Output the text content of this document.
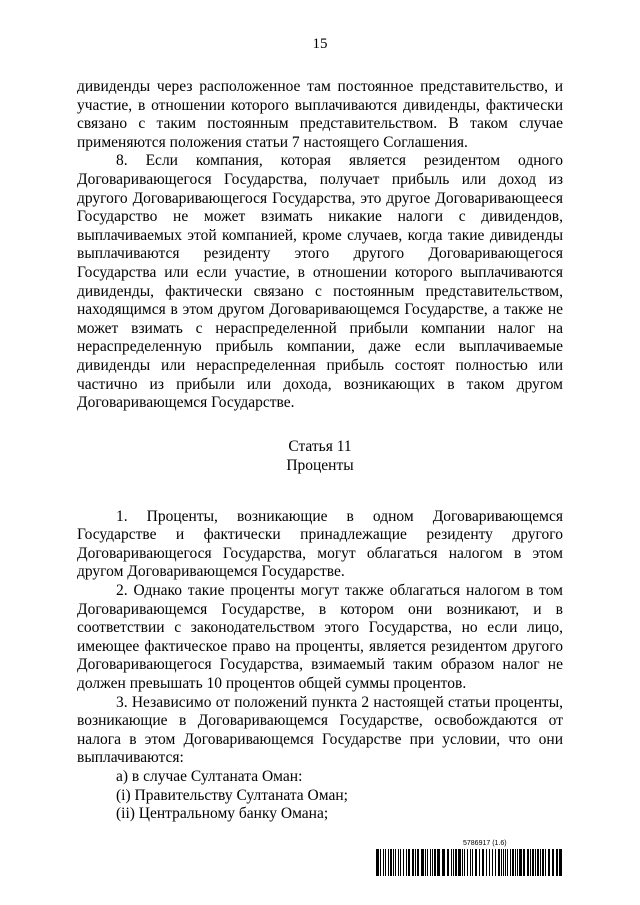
15

дивиденды через расположенное там постоянное представительство, и участие, в отношении которого выплачиваются дивиденды, фактически связано с таким постоянным представительством. В таком случае применяются положения статьи 7 настоящего Соглашения.

8. Если компания, которая является резидентом одного Договаривающегося Государства, получает прибыль или доход из другого Договаривающегося Государства, это другое Договаривающееся Государство не может взимать никакие налоги с дивидендов, выплачиваемых этой компанией, кроме случаев, когда такие дивиденды выплачиваются резиденту этого другого Договаривающегося Государства или если участие, в отношении которого выплачиваются дивиденды, фактически связано с постоянным представительством, находящимся в этом другом Договаривающемся Государстве, а также не может взимать с нераспределенной прибыли компании налог на нераспределенную прибыль компании, даже если выплачиваемые дивиденды или нераспределенная прибыль состоят полностью или частично из прибыли или дохода, возникающих в таком другом Договаривающемся Государстве.

Статья 11

Проценты

1. Проценты, возникающие в одном Договаривающемся Государстве и фактически принадлежащие резиденту другого Договаривающегося Государства, могут облагаться налогом в этом другом Договаривающемся Государстве.

2. Однако такие проценты могут также облагаться налогом в том Договаривающемся Государстве, в котором они возникают, и в соответствии с законодательством этого Государства, но если лицо, имеющее фактическое право на проценты, является резидентом другого Договаривающегося Государства, взимаемый таким образом налог не должен превышать 10 процентов общей суммы процентов.

3. Независимо от положений пункта 2 настоящей статьи проценты, возникающие в Договаривающемся Государстве, освобождаются от налога в этом Договаривающемся Государстве при условии, что они выплачиваются:

а) в случае Султаната Оман:

(i) Правительству Султаната Оман;

(ii) Центральному банку Омана;

5786917 (1.6)
